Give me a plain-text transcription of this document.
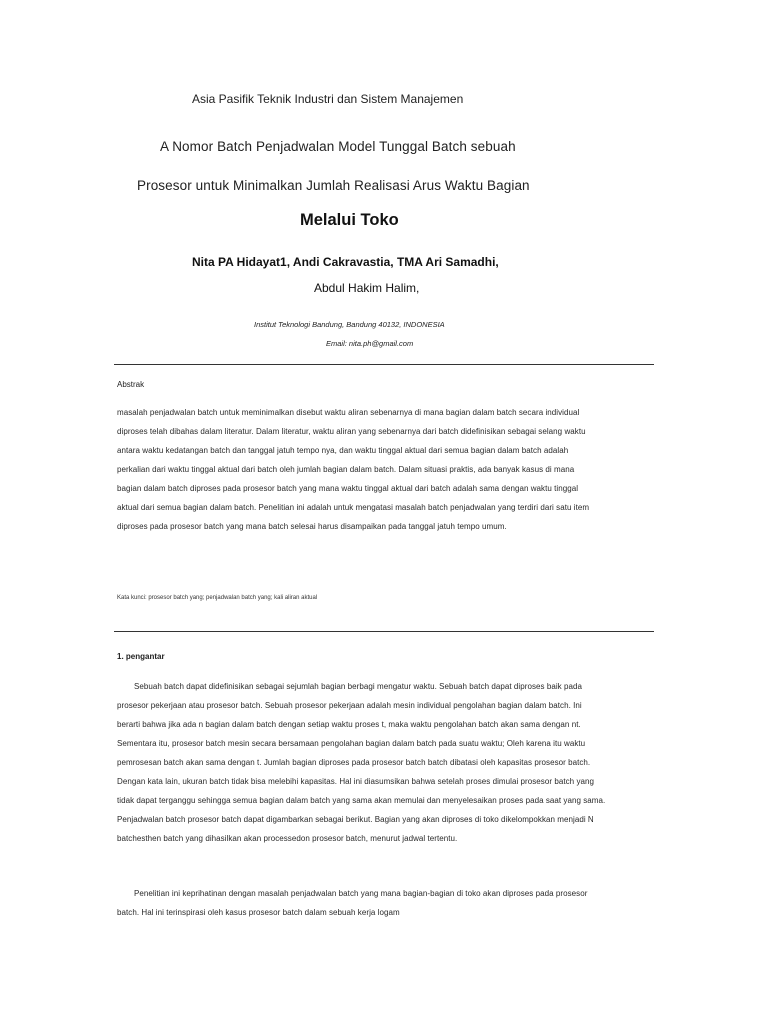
Asia Pasifik Teknik Industri dan Sistem Manajemen
A Nomor Batch Penjadwalan Model Tunggal Batch sebuah
Prosesor untuk Minimalkan Jumlah Realisasi Arus Waktu Bagian
Melalui Toko
Nita PA Hidayat1, Andi Cakravastia, TMA Ari Samadhi,
Abdul Hakim Halim,
Institut Teknologi Bandung, Bandung 40132, INDONESIA
Email: nita.ph@gmail.com
Abstrak
masalah penjadwalan batch untuk meminimalkan disebut waktu aliran sebenarnya di mana bagian dalam batch secara individual
diproses telah dibahas dalam literatur. Dalam literatur, waktu aliran yang sebenarnya dari batch didefinisikan sebagai selang waktu
antara waktu kedatangan batch dan tanggal jatuh tempo nya, dan waktu tinggal aktual dari semua bagian dalam batch adalah
perkalian dari waktu tinggal aktual dari batch oleh jumlah bagian dalam batch. Dalam situasi praktis, ada banyak kasus di mana
bagian dalam batch diproses pada prosesor batch yang mana waktu tinggal aktual dari batch adalah sama dengan waktu tinggal
aktual dari semua bagian dalam batch. Penelitian ini adalah untuk mengatasi masalah batch penjadwalan yang terdiri dari satu item
diproses pada prosesor batch yang mana batch selesai harus disampaikan pada tanggal jatuh tempo umum.
Kata kunci: prosesor batch yang; penjadwalan batch yang; kali aliran aktual
1. pengantar
Sebuah batch dapat didefinisikan sebagai sejumlah bagian berbagi mengatur waktu. Sebuah batch dapat diproses baik pada
prosesor pekerjaan atau prosesor batch. Sebuah prosesor pekerjaan adalah mesin individual pengolahan bagian dalam batch. Ini
berarti bahwa jika ada n bagian dalam batch dengan setiap waktu proses t, maka waktu pengolahan batch akan sama dengan nt.
Sementara itu, prosesor batch mesin secara bersamaan pengolahan bagian dalam batch pada suatu waktu; Oleh karena itu waktu
pemrosesan batch akan sama dengan t. Jumlah bagian diproses pada prosesor batch batch dibatasi oleh kapasitas prosesor batch.
Dengan kata lain, ukuran batch tidak bisa melebihi kapasitas. Hal ini diasumsikan bahwa setelah proses dimulai prosesor batch yang
tidak dapat terganggu sehingga semua bagian dalam batch yang sama akan memulai dan menyelesaikan proses pada saat yang sama.
Penjadwalan batch prosesor batch dapat digambarkan sebagai berikut. Bagian yang akan diproses di toko dikelompokkan menjadi N
batchesthen batch yang dihasilkan akan processedon prosesor batch, menurut jadwal tertentu.
Penelitian ini keprihatinan dengan masalah penjadwalan batch yang mana bagian-bagian di toko akan diproses pada prosesor
batch. Hal ini terinspirasi oleh kasus prosesor batch dalam sebuah kerja logam
